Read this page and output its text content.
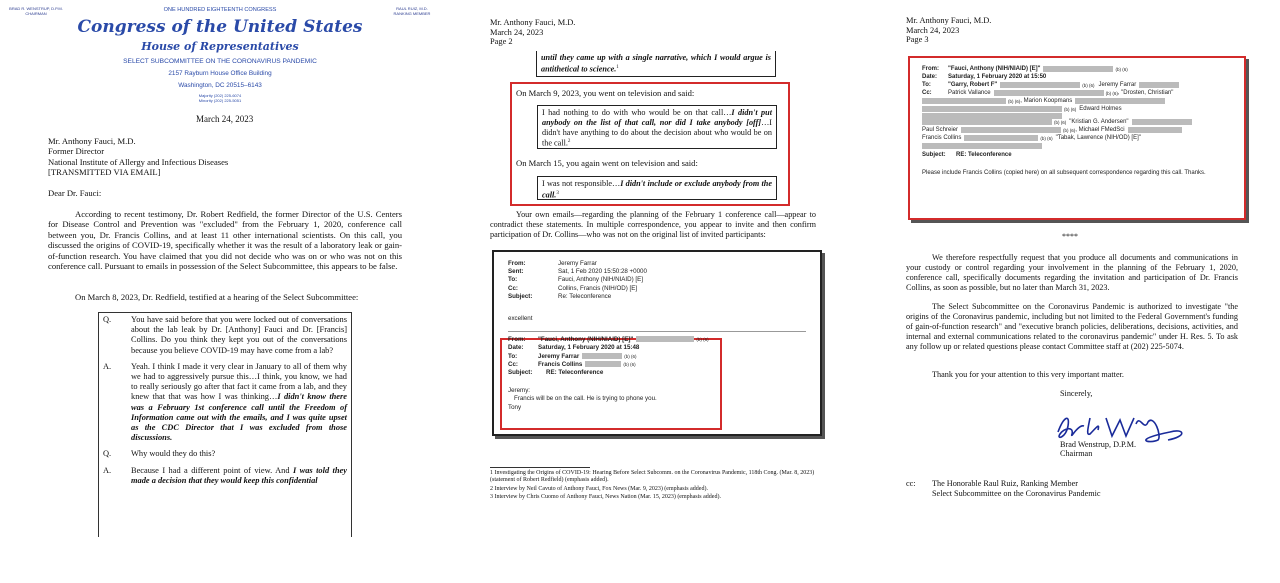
BRAD R. WENSTRUP, D.P.M.
CHAIRMAN
RAUL RUIZ, M.D.
RANKING MEMBER
ONE HUNDRED EIGHTEENTH CONGRESS
Congress of the United States
House of Representatives
SELECT SUBCOMMITTEE ON THE CORONAVIRUS PANDEMIC
2157 Rayburn House Office Building
Washington, DC 20515–6143
Majority (202) 225-6074
Minority (202) 225-5051
March 24, 2023
Mr. Anthony Fauci, M.D.
Former Director
National Institute of Allergy and Infectious Diseases
[TRANSMITTED VIA EMAIL]
Dear Dr. Fauci:
According to recent testimony, Dr. Robert Redfield, the former Director of the U.S. Centers for Disease Control and Prevention was "excluded" from the February 1, 2020, conference call between you, Dr. Francis Collins, and at least 11 other international scientists. On this call, you discussed the origins of COVID-19, specifically whether it was the result of a laboratory leak or gain-of-function research. You have claimed that you did not decide who was on or who was not on this conference call. Pursuant to emails in possession of the Select Subcommittee, this appears to be false.
On March 8, 2023, Dr. Redfield, testified at a hearing of the Select Subcommittee:
Q.	You have said before that you were locked out of conversations about the lab leak by Dr. [Anthony] Fauci and Dr. [Francis] Collins. Do you think they kept you out of the conversations because you believe COVID-19 may have come from a lab?
A.	Yeah. I think I made it very clear in January to all of them why we had to aggressively pursue this…I think, you know, we had to really seriously go after that fact it came from a lab, and they knew that that was how I was thinking…I didn't know there was a February 1st conference call until the Freedom of Information came out with the emails, and I was quite upset as the CDC Director that I was excluded from those discussions.
Q.	Why would they do this?
A.	Because I had a different point of view. And I was told they made a decision that they would keep this confidential
Mr. Anthony Fauci, M.D.
March 24, 2023
Page 2
until they came up with a single narrative, which I would argue is antithetical to science.$^1$
On March 9, 2023, you went on television and said:
I had nothing to do with who would be on that call…I didn't put anybody on the list of that call, nor did I take anybody [off]…I didn't have anything to do about the decision about who would be on the call.$^2$
On March 15, you again went on television and said:
I was not responsible…I didn't include or exclude anybody from the call.$^3$
Your own emails—regarding the planning of the February 1 conference call—appear to contradict these statements. In multiple correspondence, you appear to invite and then confirm participation of Dr. Collins—who was not on the original list of invited participants:
From:	Jeremy Farrar
Sent:	Sat, 1 Feb 2020 15:50:28 +0000
To:	Fauci, Anthony (NIH/NIAID) [E]
Cc:	Collins, Francis (NIH/OD) [E]
Subject:	Re: Teleconference
excellent
From:	"Fauci, Anthony (NIH/NIAID) [E]"	(b) (6)
Date:	Saturday, 1 February 2020 at 15:48
To:	Jeremy Farrar	(b) (6)
Cc:	Francis Collins	(b) (6)
Subject:	RE: Teleconference
Jeremy:
Francis will be on the call. He is trying to phone you.
Tony
1 Investigating the Origins of COVID-19: Hearing Before Select Subcomm. on the Coronavirus Pandemic, 118th Cong. (Mar. 8, 2023) (statement of Robert Redfield) (emphasis added).
2 Interview by Neil Cavuto of Anthony Fauci, Fox News (Mar. 9, 2023) (emphasis added).
3 Interview by Chris Cuomo of Anthony Fauci, News Nation (Mar. 15, 2023) (emphasis added).
Mr. Anthony Fauci, M.D.
March 24, 2023
Page 3
From:	"Fauci, Anthony (NIH/NIAID) [E]"	(b) (6)
Date:	Saturday, 1 February 2020 at 15:50
To:	"Garry, Robert F"	(b) (6) Jeremy Farrar
Cc:	Patrick Vallance	(b) (6) , "Drosten, Christian"
(b) (6) , Marion Koopmans
(b) (6) Edward Holmes
(b) (6) "Kristian G. Andersen"
Paul Schreier	(b) (6) , Michael FMedSci
Francis Collins	(b) (6) "Tabak, Lawrence (NIH/OD) [E]"
Subject:	RE: Teleconference
Please include Francis Collins (copied here) on all subsequent correspondence regarding this call. Thanks.
****
We therefore respectfully request that you produce all documents and communications in your custody or control regarding your involvement in the planning of the February 1, 2020, conference call, specifically documents regarding the invitation and participation of Dr. Francis Collins, as soon as possible, but no later than March 31, 2023.
The Select Subcommittee on the Coronavirus Pandemic is authorized to investigate "the origins of the Coronavirus pandemic, including but not limited to the Federal Government's funding of gain-of-function research" and "executive branch policies, deliberations, decisions, activities, and internal and external communications related to the coronavirus pandemic" under H. Res. 5. To ask any follow up or related questions please contact Committee staff at (202) 225-5074.
Thank you for your attention to this very important matter.
Sincerely,
Brad Wenstrup, D.P.M.
Chairman
cc: The Honorable Raul Ruiz, Ranking Member
Select Subcommittee on the Coronavirus Pandemic
